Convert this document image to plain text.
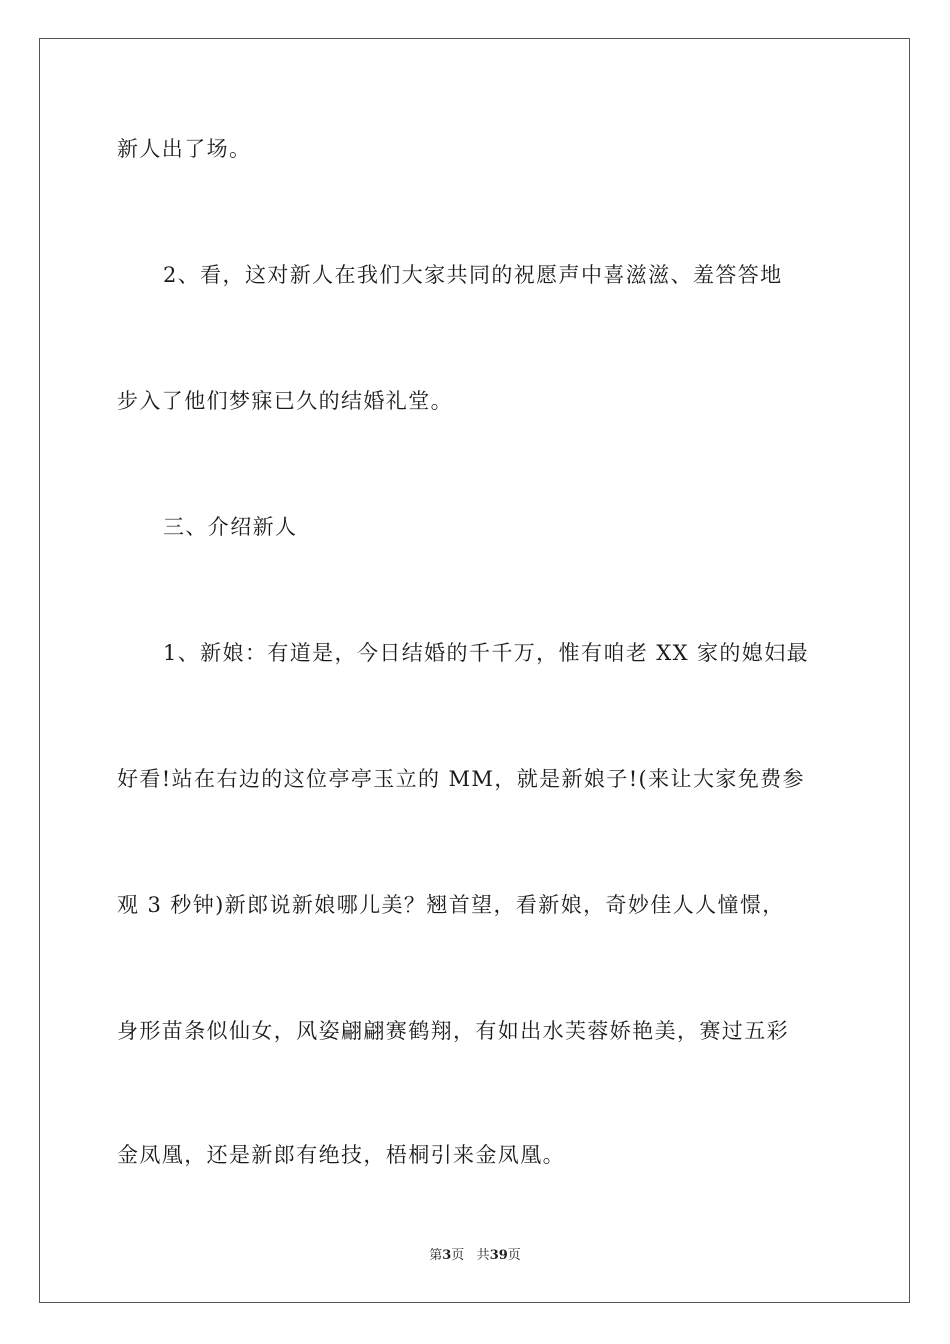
新人出了场。
2、看，这对新人在我们大家共同的祝愿声中喜滋滋、羞答答地
步入了他们梦寐已久的结婚礼堂。
三、介绍新人
1、新娘：有道是，今日结婚的千千万，惟有咱老 XX 家的媳妇最
好看!站在右边的这位亭亭玉立的 MM，就是新娘子!(来让大家免费参
观 3 秒钟)新郎说新娘哪儿美？翘首望，看新娘，奇妙佳人人憧憬，
身形苗条似仙女，风姿翩翩赛鹤翔，有如出水芙蓉娇艳美，赛过五彩
金凤凰，还是新郎有绝技，梧桐引来金凤凰。
第3页 共39页
